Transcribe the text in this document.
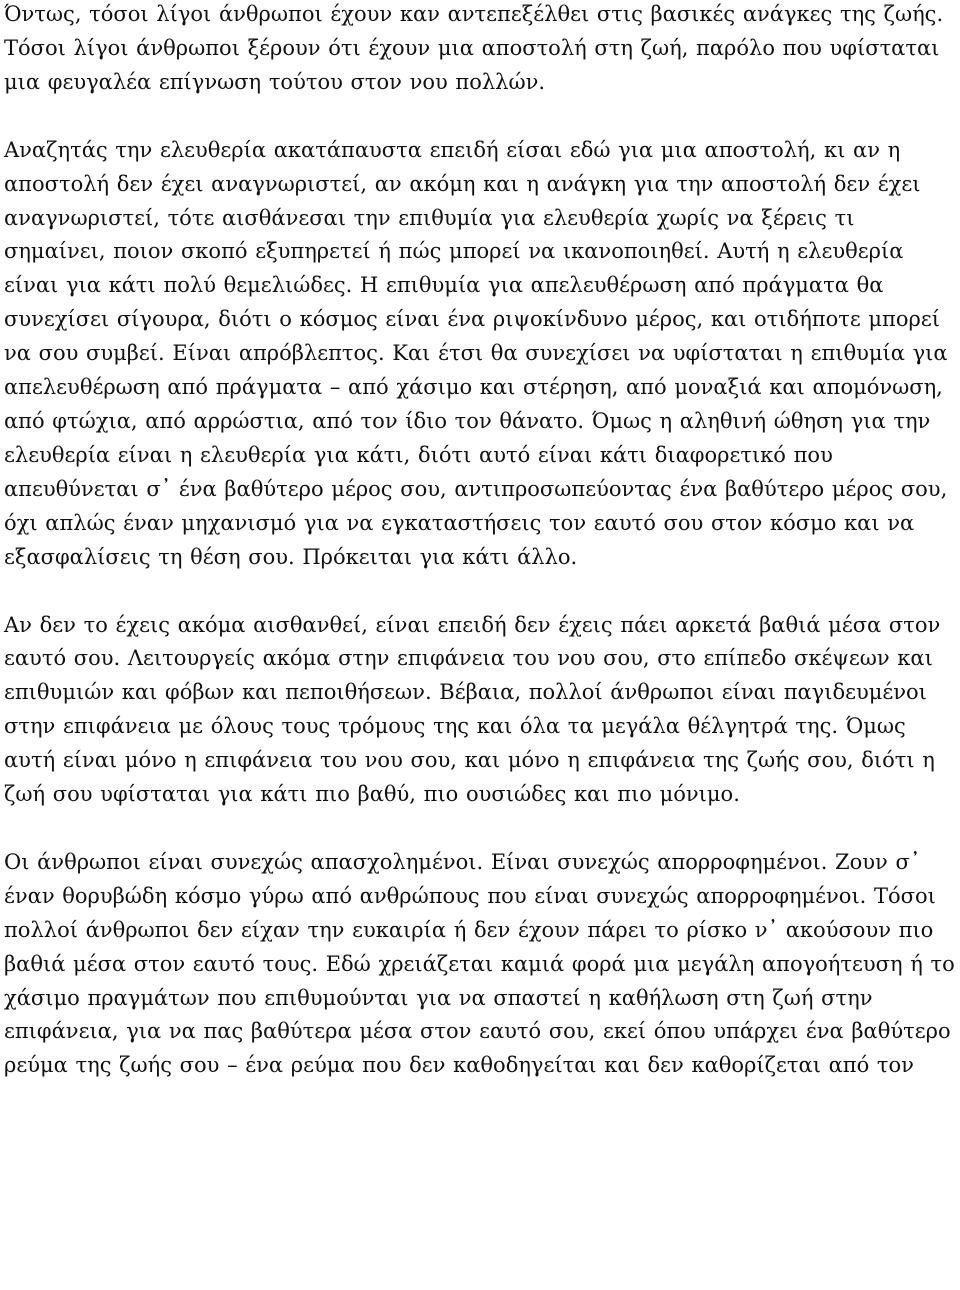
Όντως, τόσοι λίγοι άνθρωποι έχουν καν αντεπεξέλθει στις βασικές ανάγκες της ζωής. Τόσοι λίγοι άνθρωποι ξέρουν ότι έχουν μια αποστολή στη ζωή, παρόλο που υφίσταται μια φευγαλέα επίγνωση τούτου στον νου πολλών.

Αναζητάς την ελευθερία ακατάπαυστα επειδή είσαι εδώ για μια αποστολή, κι αν η αποστολή δεν έχει αναγνωριστεί, αν ακόμη και η ανάγκη για την αποστολή δεν έχει αναγνωριστεί, τότε αισθάνεσαι την επιθυμία για ελευθερία χωρίς να ξέρεις τι σημαίνει, ποιον σκοπό εξυπηρετεί ή πώς μπορεί να ικανοποιηθεί. Αυτή η ελευθερία είναι για κάτι πολύ θεμελιώδες. Η επιθυμία για απελευθέρωση από πράγματα θα συνεχίσει σίγουρα, διότι ο κόσμος είναι ένα ριψοκίνδυνο μέρος, και οτιδήποτε μπορεί να σου συμβεί. Είναι απρόβλεπτος. Και έτσι θα συνεχίσει να υφίσταται η επιθυμία για απελευθέρωση από πράγματα – από χάσιμο και στέρηση, από μοναξιά και απομόνωση, από φτώχια, από αρρώστια, από τον ίδιο τον θάνατο. Όμως η αληθινή ώθηση για την ελευθερία είναι η ελευθερία για κάτι, διότι αυτό είναι κάτι διαφορετικό που απευθύνεται σ᾽ ένα βαθύτερο μέρος σου, αντιπροσωπεύοντας ένα βαθύτερο μέρος σου, όχι απλώς έναν μηχανισμό για να εγκαταστήσεις τον εαυτό σου στον κόσμο και να εξασφαλίσεις τη θέση σου. Πρόκειται για κάτι άλλο.

Αν δεν το έχεις ακόμα αισθανθεί, είναι επειδή δεν έχεις πάει αρκετά βαθιά μέσα στον εαυτό σου. Λειτουργείς ακόμα στην επιφάνεια του νου σου, στο επίπεδο σκέψεων και επιθυμιών και φόβων και πεποιθήσεων. Βέβαια, πολλοί άνθρωποι είναι παγιδευμένοι στην επιφάνεια με όλους τους τρόμους της και όλα τα μεγάλα θέλγητρά της. Όμως αυτή είναι μόνο η επιφάνεια του νου σου, και μόνο η επιφάνεια της ζωής σου, διότι η ζωή σου υφίσταται για κάτι πιο βαθύ, πιο ουσιώδες και πιο μόνιμο.

Οι άνθρωποι είναι συνεχώς απασχολημένοι. Είναι συνεχώς απορροφημένοι. Ζουν σ᾽ έναν θορυβώδη κόσμο γύρω από ανθρώπους που είναι συνεχώς απορροφημένοι. Τόσοι πολλοί άνθρωποι δεν είχαν την ευκαιρία ή δεν έχουν πάρει το ρίσκο ν᾽ ακούσουν πιο βαθιά μέσα στον εαυτό τους. Εδώ χρειάζεται καμιά φορά μια μεγάλη απογοήτευση ή το χάσιμο πραγμάτων που επιθυμούνται για να σπαστεί η καθήλωση στη ζωή στην επιφάνεια, για να πας βαθύτερα μέσα στον εαυτό σου, εκεί όπου υπάρχει ένα βαθύτερο ρεύμα της ζωής σου – ένα ρεύμα που δεν καθοδηγείται και δεν καθορίζεται από τον
